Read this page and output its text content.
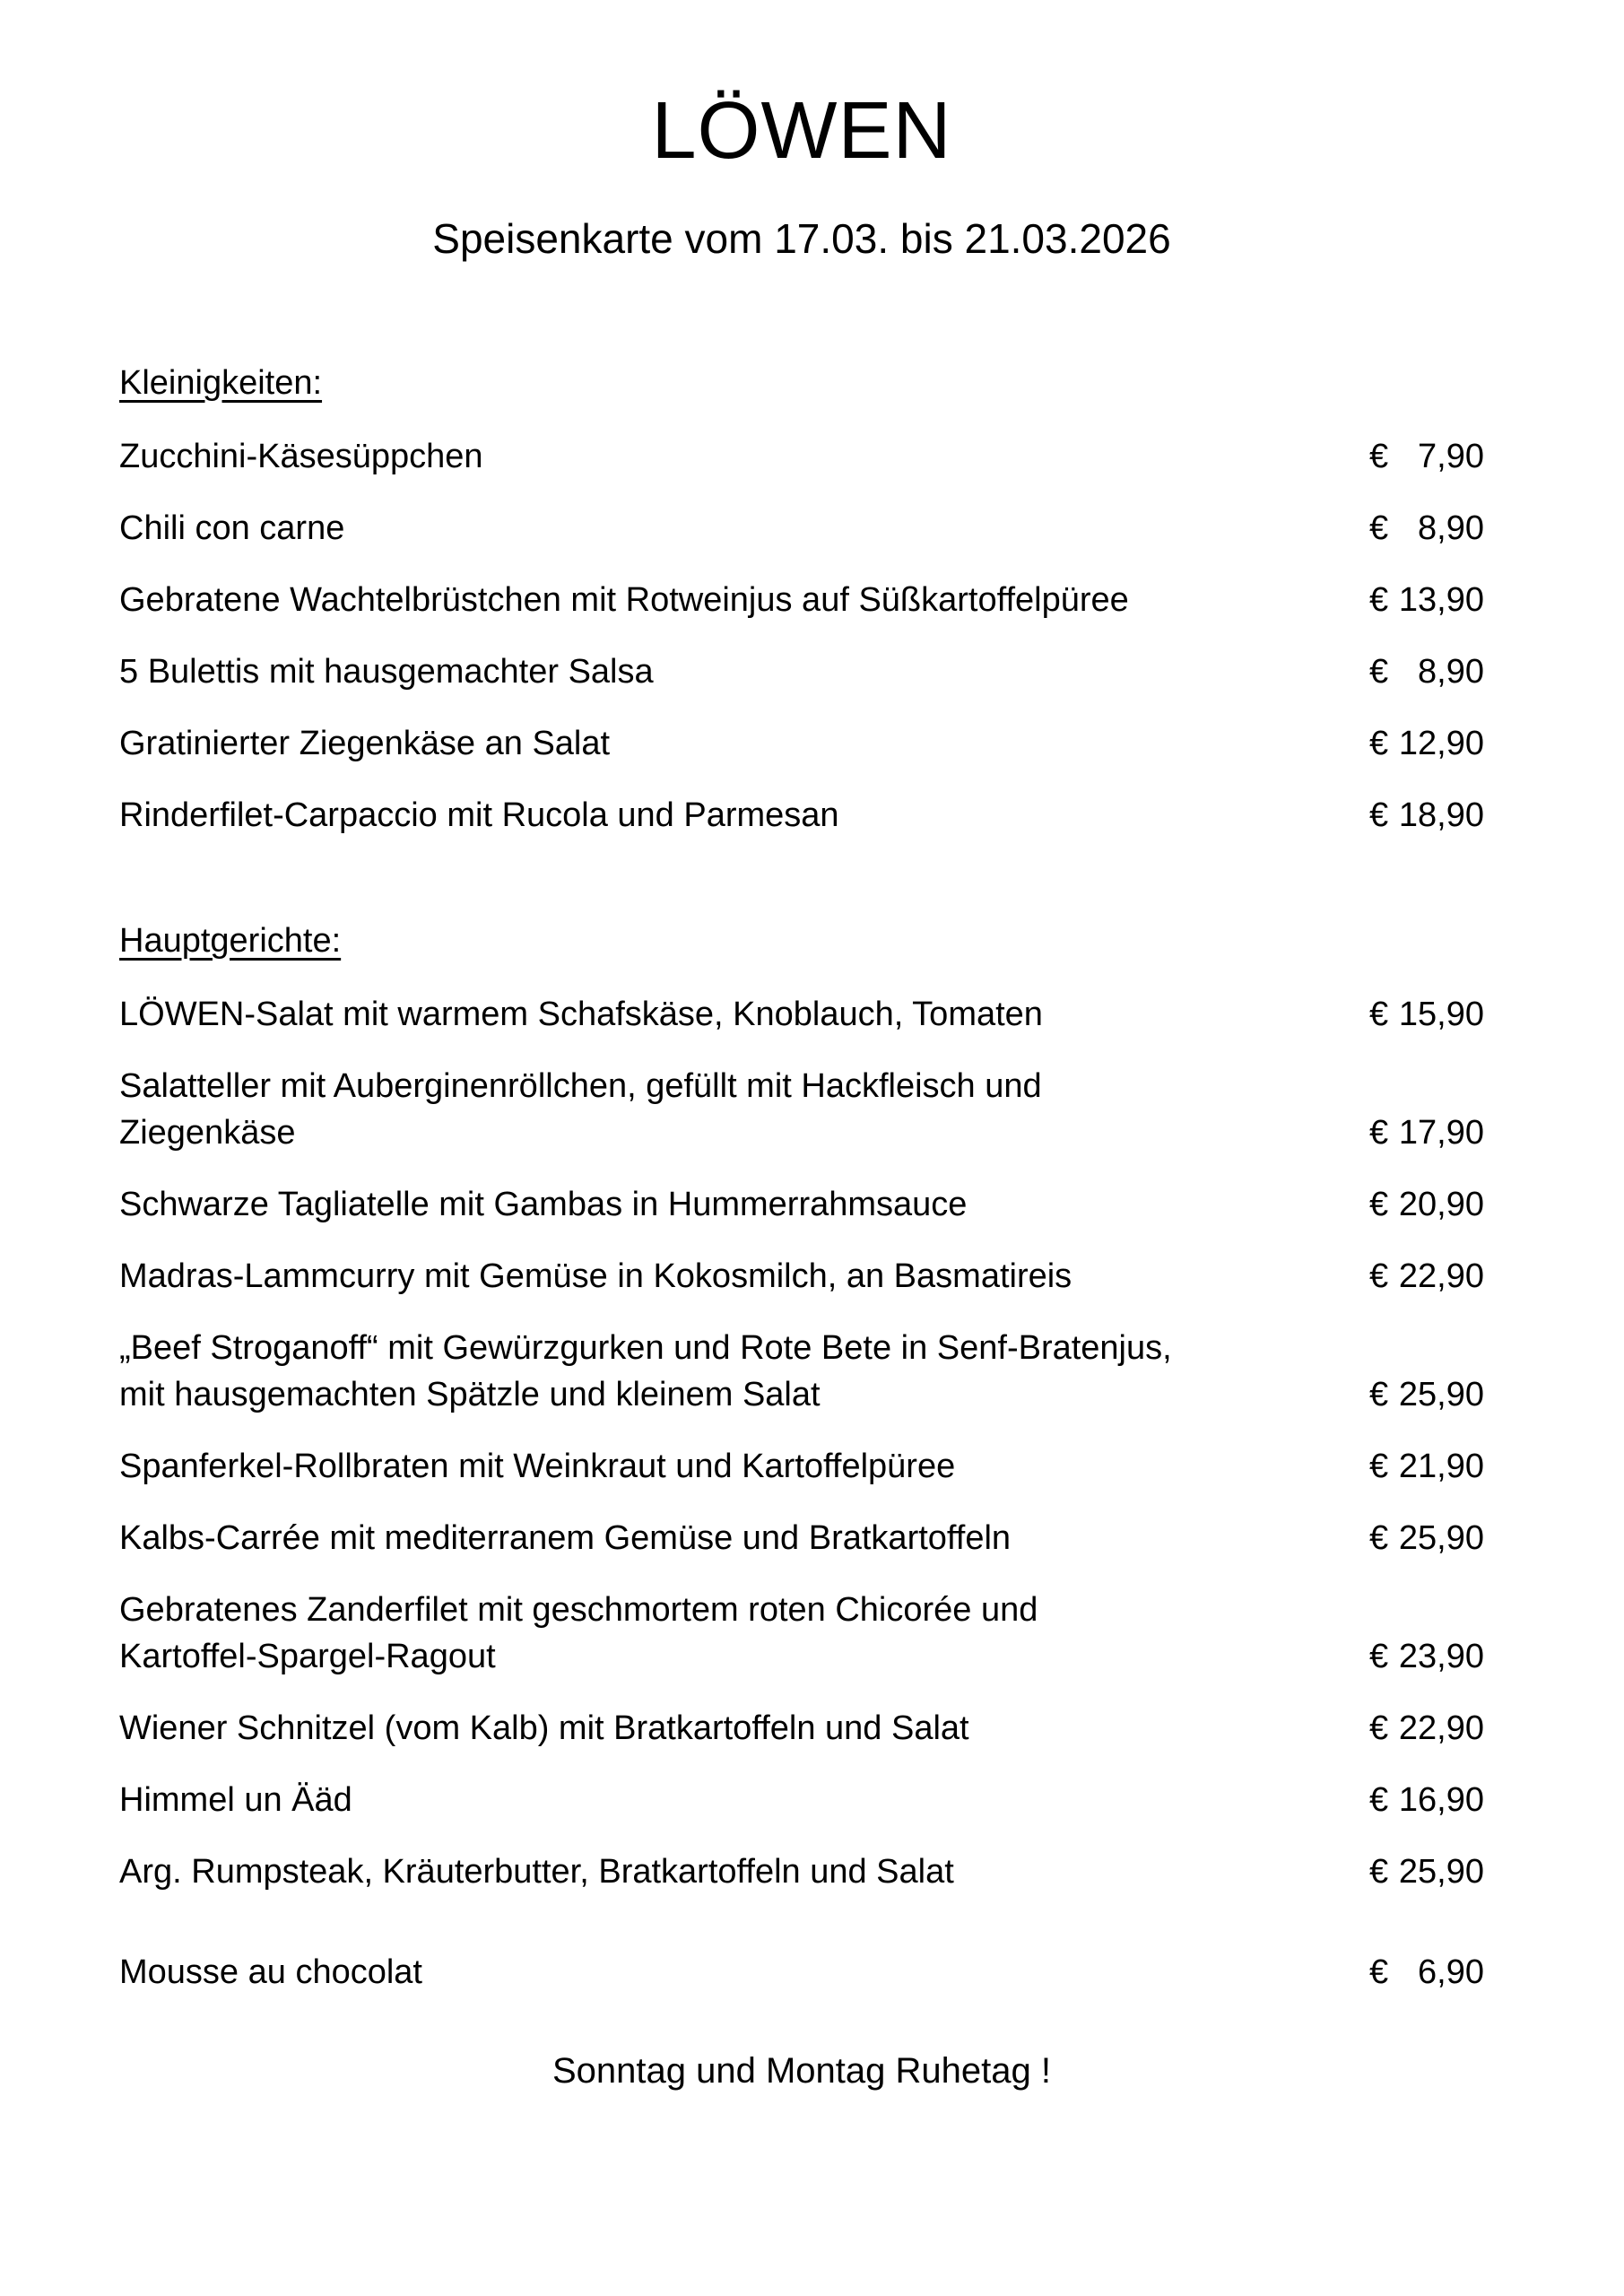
LÖWEN
Speisenkarte vom 17.03. bis 21.03.2026
Kleinigkeiten:
Zucchini-Käsesüppchen	€ 7,90
Chili con carne	€ 8,90
Gebratene Wachtelbrüstchen mit Rotweinjus auf Süßkartoffelpüree	€ 13,90
5 Bulettis mit hausgemachter Salsa	€ 8,90
Gratinierter Ziegenkäse an Salat	€ 12,90
Rinderfilet-Carpaccio mit Rucola und Parmesan	€ 18,90
Hauptgerichte:
LÖWEN-Salat mit warmem Schafskäse, Knoblauch, Tomaten	€ 15,90
Salatteller mit Auberginenröllchen, gefüllt mit Hackfleisch und
Ziegenkäse	€ 17,90
Schwarze Tagliatelle mit Gambas in Hummerrahmsauce	€ 20,90
Madras-Lammcurry mit Gemüse in Kokosmilch, an Basmatireis	€ 22,90
„Beef Stroganoff“ mit Gewürzgurken und Rote Bete in Senf-Bratenjus,
mit hausgemachten Spätzle und kleinem Salat	€ 25,90
Spanferkel-Rollbraten mit Weinkraut und Kartoffelpüree	€ 21,90
Kalbs-Carrée mit mediterranem Gemüse und Bratkartoffeln	€ 25,90
Gebratenes Zanderfilet mit geschmortem roten Chicorée und
Kartoffel-Spargel-Ragout	€ 23,90
Wiener Schnitzel (vom Kalb) mit Bratkartoffeln und Salat	€ 22,90
Himmel un Ääd	€ 16,90
Arg. Rumpsteak, Kräuterbutter, Bratkartoffeln und Salat	€ 25,90
Mousse au chocolat	€ 6,90
Sonntag und Montag Ruhetag !
